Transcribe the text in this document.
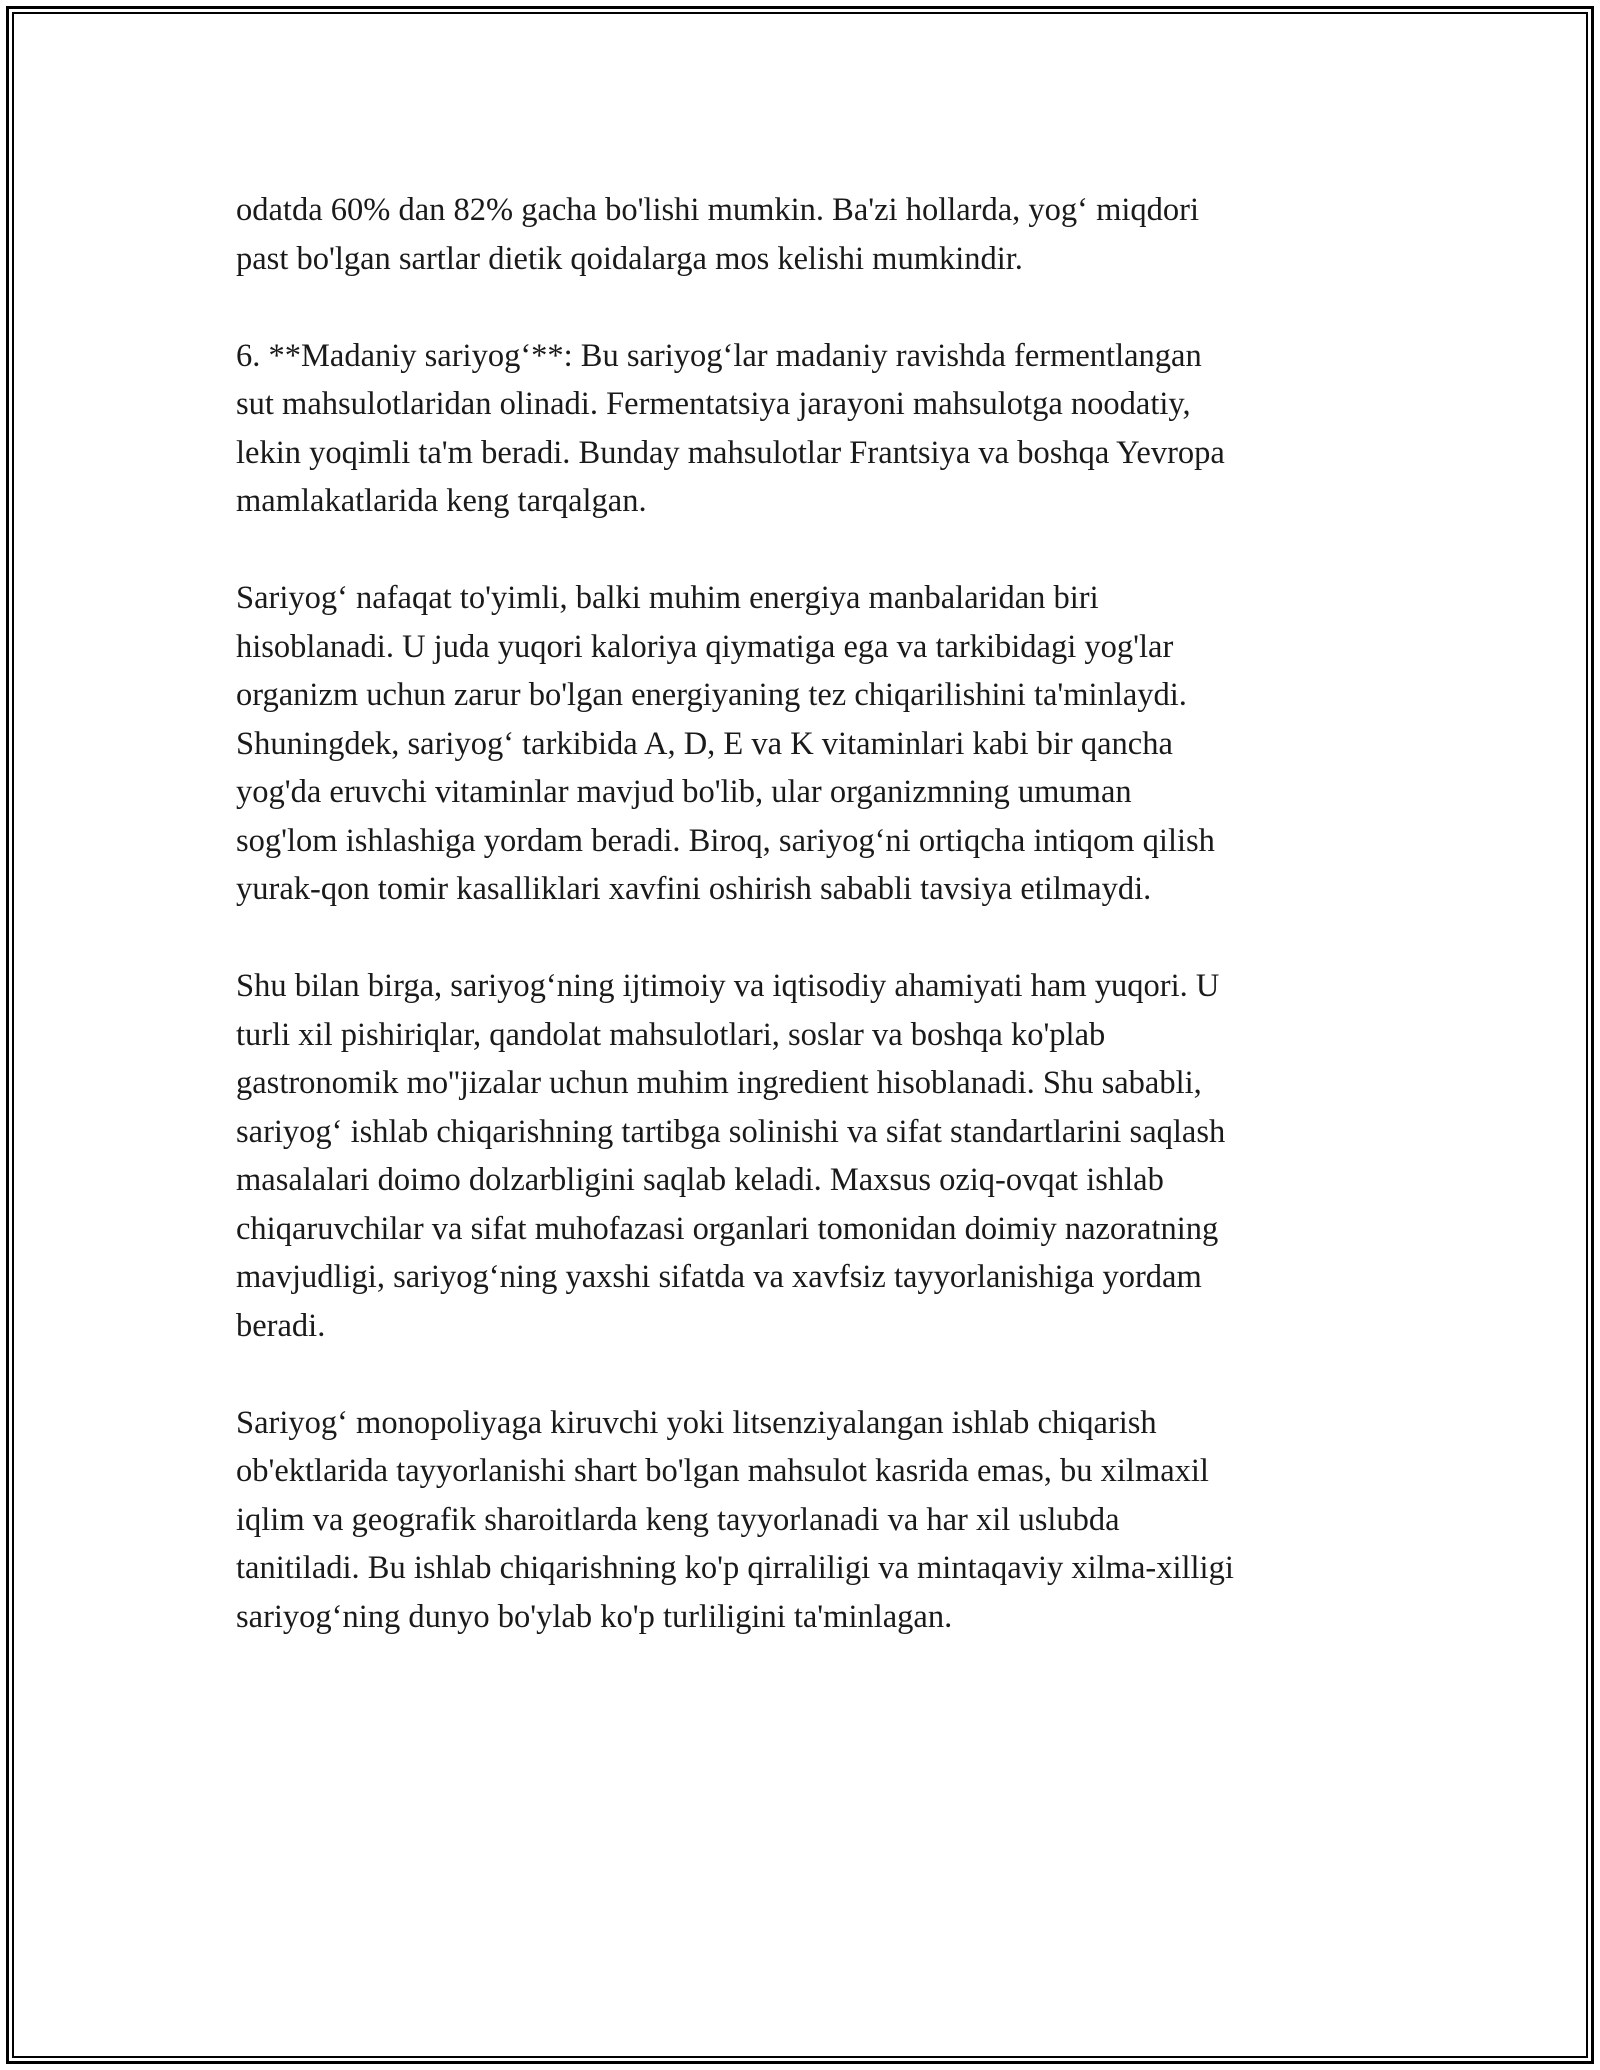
odatda 60% dan 82% gacha bo'lishi mumkin. Ba'zi hollarda, yog‘ miqdori
past bo'lgan sartlar dietik qoidalarga mos kelishi mumkindir.

6. **Madaniy sariyog‘**: Bu sariyog‘lar madaniy ravishda fermentlangan
sut mahsulotlaridan olinadi. Fermentatsiya jarayoni mahsulotga noodatiy,
lekin yoqimli ta'm beradi. Bunday mahsulotlar Frantsiya va boshqa Yevropa
mamlakatlarida keng tarqalgan.

Sariyog‘ nafaqat to'yimli, balki muhim energiya manbalaridan biri
hisoblanadi. U juda yuqori kaloriya qiymatiga ega va tarkibidagi yog'lar
organizm uchun zarur bo'lgan energiyaning tez chiqarilishini ta'minlaydi.
Shuningdek, sariyog‘ tarkibida A, D, E va K vitaminlari kabi bir qancha
yog'da eruvchi vitaminlar mavjud bo'lib, ular organizmning umuman
sog'lom ishlashiga yordam beradi. Biroq, sariyog‘ni ortiqcha intiqom qilish
yurak-qon tomir kasalliklari xavfini oshirish sababli tavsiya etilmaydi.

Shu bilan birga, sariyog‘ning ijtimoiy va iqtisodiy ahamiyati ham yuqori. U
turli xil pishiriqlar, qandolat mahsulotlari, soslar va boshqa ko'plab
gastronomik mo''jizalar uchun muhim ingredient hisoblanadi. Shu sababli,
sariyog‘ ishlab chiqarishning tartibga solinishi va sifat standartlarini saqlash
masalalari doimo dolzarbligini saqlab keladi. Maxsus oziq-ovqat ishlab
chiqaruvchilar va sifat muhofazasi organlari tomonidan doimiy nazoratning
mavjudligi, sariyog‘ning yaxshi sifatda va xavfsiz tayyorlanishiga yordam
beradi.

Sariyog‘ monopoliyaga kiruvchi yoki litsenziyalangan ishlab chiqarish
ob'ektlarida tayyorlanishi shart bo'lgan mahsulot kasrida emas, bu xilmaxil
iqlim va geografik sharoitlarda keng tayyorlanadi va har xil uslubda
tanitiladi. Bu ishlab chiqarishning ko'p qirraliligi va mintaqaviy xilma-xilligi
sariyog‘ning dunyo bo'ylab ko'p turliligini ta'minlagan.
